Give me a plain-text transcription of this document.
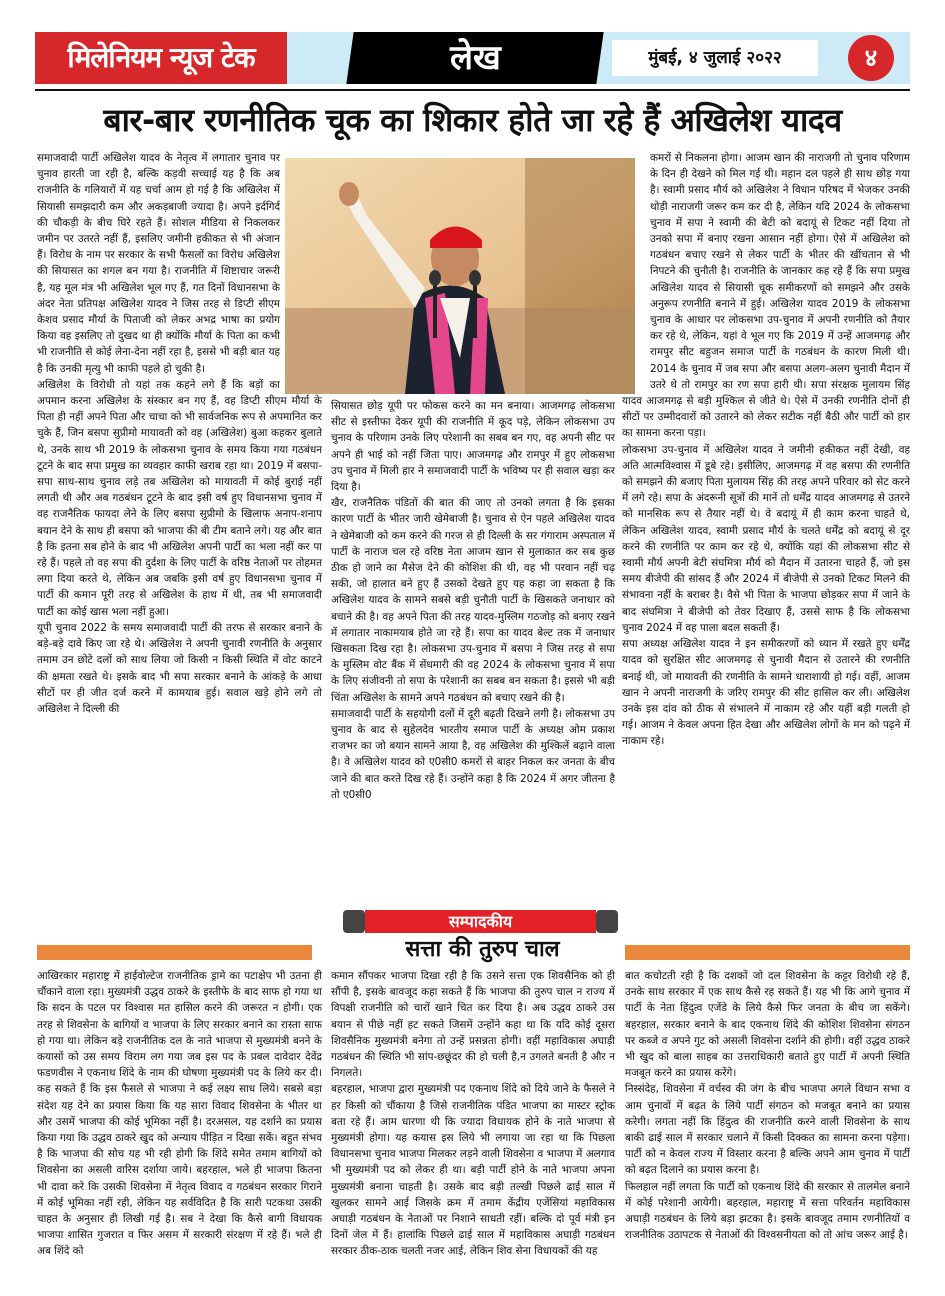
मिलेनियम न्यूज टेक	लेख	मुंबई, ४ जुलाई २०२२	४
बार-बार रणनीतिक चूक का शिकार होते जा रहे हैं अखिलेश यादव

समाजवादी पार्टी अखिलेश यादव के नेतृत्व में लगातार चुनाव पर चुनाव हारती जा रही है, बल्कि कड़वी सच्चाई यह है कि अब राजनीति के गलियारों में यह चर्चा आम हो गई है कि अखिलेश में सियासी समझदारी कम और अकड़बाजी ज्यादा है। अपने इर्दगिर्द की चौकड़ी के बीच घिरे रहते हैं। सोशल मीडिया से निकलकर जमीन पर उतरते नहीं हैं, इसलिए जमीनी हकीकत से भी अंजान हैं। विरोध के नाम पर सरकार के सभी फैसलों का विरोध अखिलेश की सियासत का शगल बन गया है। राजनीति में शिष्टाचार जरूरी है, यह मूल मंत्र भी अखिलेश भूल गए हैं, गत दिनों विधानसभा के अंदर नेता प्रतिपक्ष अखिलेश यादव ने जिस तरह से डिप्टी सीएम केशव प्रसाद मौर्या के पिताजी को लेकर अभद्र भाषा का प्रयोग किया वह इसलिए तो दुखद था ही क्योंकि मौर्या के पिता का कभी भी राजनीति से कोई लेना-देना नहीं रहा है, इससे भी बड़ी बात यह है कि उनकी मृत्यु भी काफी पहले हो चुकी है।

अखिलेश के विरोधी तो यहां तक कहने लगे हैं कि बड़ों का अपमान करना अखिलेश के संस्कार बन गए हैं, वह डिप्टी सीएम मौर्या के पिता ही नहीं अपने पिता और चाचा को भी सार्वजनिक रूप से अपमानित कर चुके हैं, जिन बसपा सुप्रीमो मायावती को वह (अखिलेश) बुआ कहकर बुलाते थे, उनके साथ भी 2019 के लोकसभा चुनाव के समय किया गया गठबंधन टूटने के बाद सपा प्रमुख का व्यवहार काफी खराब रहा था। 2019 में बसपा-सपा साथ-साथ चुनाव लड़े तब अखिलेश को मायावती में कोई बुराई नहीं लगती थी और अब गठबंधन टूटने के बाद इसी वर्ष हुए विधानसभा चुनाव में वह राजनैतिक फायदा लेने के लिए बसपा सुप्रीमो के खिलाफ अनाप-शनाप बयान देने के साथ ही बसपा को भाजपा की बी टीम बताने लगे। यह और बात है कि इतना सब होने के बाद भी अखिलेश अपनी पार्टी का भला नहीं कर पा रहे हैं। पहले तो वह सपा की दुर्दशा के लिए पार्टी के वरिष्ठ नेताओं पर तोहमत लगा दिया करते थे, लेकिन अब जबकि इसी वर्ष हुए विधानसभा चुनाव में पार्टी की कमान पूरी तरह से अखिलेश के हाथ में थी, तब भी समाजवादी पार्टी का कोई खास भला नहीं हुआ।

यूपी चुनाव 2022 के समय समाजवादी पार्टी की तरफ से सरकार बनाने के बड़े-बड़े दावे किए जा रहे थे। अखिलेश ने अपनी चुनावी रणनीति के अनुसार तमाम उन छोटे दलों को साथ लिया जो किसी न किसी स्थिति में वोट काटने की क्षमता रखते थे। इसके बाद भी सपा सरकार बनाने के आंकड़े के आधा सीटों पर ही जीत दर्ज करने में कामयाब हुई। सवाल खड़े होने लगे तो अखिलेश ने दिल्ली की

सियासत छोड़ यूपी पर फोकस करने का मन बनाया। आजमगढ़ लोकसभा सीट से इस्तीफा देकर यूपी की राजनीति में कूद पड़े, लेकिन लोकसभा उप चुनाव के परिणाम उनके लिए परेशानी का सबब बन गए, वह अपनी सीट पर अपने ही भाई को नहीं जिता पाए। आजमगढ़ और रामपुर में हुए लोकसभा उप चुनाव में मिली हार ने समाजवादी पार्टी के भविष्य पर ही सवाल खड़ा कर दिया है।

खैर, राजनैतिक पंडितों की बात की जाए तो उनको लगता है कि इसका कारण पार्टी के भीतर जारी खेमेबाजी है। चुनाव से ऐन पहले अखिलेश यादव ने खेमेबाजी को कम करने की गरज से ही दिल्ली के सर गंगाराम अस्पताल में पार्टी के नाराज चल रहे वरिष्ठ नेता आजम खान से मुलाकात कर सब कुछ ठीक हो जाने का मैसेज देने की कोशिश की थी, वह भी परवान नहीं चढ़ सकी, जो हालात बने हुए हैं उसको देखते हुए यह कहा जा सकता है कि अखिलेश यादव के सामने सबसे बड़ी चुनौती पार्टी के खिसकते जनाधार को बचाने की है। वह अपने पिता की तरह यादव-मुस्लिम गठजोड़ को बनाए रखने में लगातार नाकामयाब होते जा रहे हैं। सपा का यादव बेल्ट तक में जनाधार खिसकता दिख रहा है। लोकसभा उप-चुनाव में बसपा ने जिस तरह से सपा के मुस्लिम वोट बैंक में सेंधमारी की वह 2024 के लोकसभा चुनाव में सपा के लिए संजीवनी तो सपा के परेशानी का सबब बन सकता है। इससे भी बड़ी चिंता अखिलेश के सामने अपने गठबंधन को बचाए रखने की है।

समाजवादी पार्टी के सहयोगी दलों में दूरी बढ़ती दिखने लगी है। लोकसभा उप चुनाव के बाद से सुहेलदेव भारतीय समाज पार्टी के अध्यक्ष ओम प्रकाश राजभर का जो बयान सामने आया है, वह अखिलेश की मुश्किलें बढ़ाने वाला है। वे अखिलेश यादव को ए0सी0 कमरों से बाहर निकल कर जनता के बीच जाने की बात करते दिख रहे हैं। उन्होंने कहा है कि 2024 में अगर जीतना है तो ए0सी0

कमरों से निकलना होगा। आजम खान की नाराजगी तो चुनाव परिणाम के दिन ही देखने को मिल गई थी। महान दल पहले ही साथ छोड़ गया है। स्वामी प्रसाद मौर्य को अखिलेश ने विधान परिषद में भेजकर उनकी थोड़ी नाराजगी जरूर कम कर दी है, लेकिन यदि 2024 के लोकसभा चुनाव में सपा ने स्वामी की बेटी को बदायूं से टिकट नहीं दिया तो उनको सपा में बनाए रखना आसान नहीं होगा। ऐसे में अखिलेश को गठबंधन बचाए रखने से लेकर पार्टी के भीतर की खींचतान से भी निपटने की चुनौती है। राजनीति के जानकार कह रहे हैं कि सपा प्रमुख अखिलेश यादव से सियासी चूक समीकरणों को समझने और उसके अनुरूप रणनीति बनाने में हुई। अखिलेश यादव 2019 के लोकसभा चुनाव के आधार पर लोकसभा उप-चुनाव में अपनी रणनीति को तैयार कर रहे थे, लेकिन, यहां वे भूल गए कि 2019 में उन्हें आजमगढ़ और रामपुर सीट बहुजन समाज पार्टी के गठबंधन के कारण मिली थी। 2014 के चुनाव में जब सपा और बसपा अलग-अलग चुनावी मैदान में उतरे थे तो रामपुर का रण सपा हारी थी। सपा संरक्षक मुलायम सिंह यादव आजमगढ़ से बड़ी मुश्किल से जीते थे। ऐसे में उनकी रणनीति दोनों ही सीटों पर उम्मीदवारों को उतारने को लेकर सटीक नहीं बैठी और पार्टी को हार का सामना करना पड़ा।

लोकसभा उप-चुनाव में अखिलेश यादव ने जमीनी हकीकत नहीं देखी, वह अति आत्मविश्वास में डूबे रहे। इसीलिए, आजमगढ़ में वह बसपा की रणनीति को समझने की बजाए पिता मुलायम सिंह की तरह अपने परिवार को सेट करने में लगे रहे। सपा के अंदरूनी सूत्रों की मानें तो धर्मेंद्र यादव आजमगढ़ से उतरने को मानसिक रूप से तैयार नहीं थे। वे बदायूं में ही काम करना चाहते थे, लेकिन अखिलेश यादव, स्वामी प्रसाद मौर्य के चलते धर्मेंद्र को बदायूं से दूर करने की रणनीति पर काम कर रहे थे, क्योंकि यहां की लोकसभा सीट से स्वामी मौर्य अपनी बेटी संघमित्रा मौर्य को मैदान में उतारना चाहते हैं, जो इस समय बीजेपी की सांसद हैं और 2024 में बीजेपी से उनको टिकट मिलने की संभावना नहीं के बराबर है। वैसे भी पिता के भाजपा छोड़कर सपा में जाने के बाद संघमित्रा ने बीजेपी को तेवर दिखाए हैं, उससे साफ है कि लोकसभा चुनाव 2024 में वह पाला बदल सकती हैं।

सपा अध्यक्ष अखिलेश यादव ने इन समीकरणों को ध्यान में रखते हुए धर्मेंद्र यादव को सुरक्षित सीट आजमगढ़ से चुनावी मैदान से उतारने की रणनीति बनाई थी, जो मायावती की रणनीति के सामने धाराशायी हो गई। वहीं, आजम खान ने अपनी नाराजगी के जरिए रामपुर की सीट हासिल कर ली। अखिलेश उनके इस दांव को ठीक से संभालने में नाकाम रहे और यहीं बड़ी गलती हो गई। आजम ने केवल अपना हित देखा और अखिलेश लोगों के मन को पढ़ने में नाकाम रहे।

सम्पादकीय
सत्ता की तुरुप चाल

आखिरकार महाराष्ट्र में हाईवोल्टेज राजनीतिक ड्रामे का पटाक्षेप भी उतना ही चौंकाने वाला रहा। मुख्यमंत्री उद्धव ठाकरे के इस्तीफे के बाद साफ हो गया था कि सदन के पटल पर विश्वास मत हासिल करने की जरूरत न होगी। एक तरह से शिवसेना के बागियों व भाजपा के लिए सरकार बनाने का रास्ता साफ हो गया था। लेकिन बड़े राजनीतिक दल के नाते भाजपा से मुख्यमंत्री बनने के कयासों को उस समय विराम लग गया जब इस पद के प्रबल दावेदार देवेंद्र फडणवीस ने एकनाथ शिंदे के नाम की घोषणा मुख्यमंत्री पद के लिये कर दी। कह सकते हैं कि इस फैसले से भाजपा ने कई लक्ष्य साध लिये। सबसे बड़ा संदेश यह देने का प्रयास किया कि यह सारा विवाद शिवसेना के भीतर था और उसमें भाजपा की कोई भूमिका नहीं है। दरअसल, यह दर्शाने का प्रयास किया गया कि उद्धव ठाकरे खुद को अन्याय पीड़ित न दिखा सकें। बहुत संभव है कि भाजपा की सोच यह भी रही होगी कि शिंदे समेत तमाम बागियों को शिवसेना का असली वारिस दर्शाया जाये। बहरहाल, भले ही भाजपा कितना भी दावा करे कि उसकी शिवसेना में नेतृत्व विवाद व गठबंधन सरकार गिराने में कोई भूमिका नहीं रही, लेकिन यह सर्वविदित है कि सारी पटकथा उसकी चाहत के अनुसार ही लिखी गई है। सब ने देखा कि कैसे बागी विधायक भाजपा शासित गुजरात व फिर असम में सरकारी संरक्षण में रहे हैं। भले ही अब शिंदे को

कमान सौंपकर भाजपा दिखा रही है कि उसने सत्ता एक शिवसैनिक को ही सौंपी है, इसके बावजूद कहा सकते हैं कि भाजपा की तुरुप चाल न राज्य में विपक्षी राजनीति को चारों खाने चित कर दिया है। अब उद्धव ठाकरे उस बयान से पीछे नहीं हट सकते जिसमें उन्होंने कहा था कि यदि कोई दूसरा शिवसैनिक मुख्यमंत्री बनेगा तो उन्हें प्रसन्नता होगी। वहीं महाविकास अघाड़ी गठबंधन की स्थिति भी सांप-छछूंदर की हो चली है,न उगलते बनती है और न निगलते।

बहरहाल, भाजपा द्वारा मुख्यमंत्री पद एकनाथ शिंदे को दिये जाने के फैसले ने हर किसी को चौंकाया है जिसे राजनीतिक पंडित भाजपा का मास्टर स्ट्रोक बता रहे हैं। आम धारणा थी कि ज्यादा विधायक होने के नाते भाजपा से मुख्यमंत्री होगा। यह कयास इस लिये भी लगाया जा रहा था कि पिछला विधानसभा चुनाव भाजपा मिलकर लड़ने वाली शिवसेना व भाजपा में अलगाव भी मुख्यमंत्री पद को लेकर ही था। बड़ी पार्टी होने के नाते भाजपा अपना मुख्यमंत्री बनाना चाहती है। उसके बाद बड़ी तल्खी पिछले ढाई साल में खुलकर सामने आई जिसके क्रम में तमाम केंद्रीय एजेंसियां महाविकास अघाड़ी गठबंधन के नेताओं पर निशाने साधती रहीं। बल्कि दो पूर्व मंत्री इन दिनों जेल में हैं। हालांकि पिछले ढाई साल में महाविकास अघाड़ी गठबंधन सरकार ठीक-ठाक चलती नजर आई, लेकिन शिव सेना विधायकों की यह

बात कचोटती रही है कि दशकों जो दल शिवसेना के कट्टर विरोधी रहे हैं, उनके साथ सरकार में एक साथ कैसे रह सकते हैं। यह भी कि आगे चुनाव में पार्टी के नेता हिंदुत्व एजेंडे के लिये कैसे फिर जनता के बीच जा सकेंगे। बहरहाल, सरकार बनाने के बाद एकनाथ शिंदे की कोशिश शिवसेना संगठन पर कब्जे व अपने गुट को असली शिवसेना दर्शाने की होगी। वहीं उद्धव ठाकरे भी खुद को बाला साहब का उत्तराधिकारी बताते हुए पार्टी में अपनी स्थिति मजबूत करने का प्रयास करेंगे।

निस्संदेह, शिवसेना में वर्चस्व की जंग के बीच भाजपा अगले विधान सभा व आम चुनावों में बढ़त के लिये पार्टी संगठन को मजबूत बनाने का प्रयास करेगी। लगता नहीं कि हिंदुत्व की राजनीति करने वाली शिवसेना के साथ बाकी ढाई साल में सरकार चलाने में किसी दिक्कत का सामना करना पड़ेगा। पार्टी को न केवल राज्य में विस्तार करना है बल्कि अपने आम चुनाव में पार्टी को बढ़त दिलाने का प्रयास करना है।

फिलहाल नहीं लगता कि पार्टी को एकनाथ शिंदे की सरकार से तालमेल बनाने में कोई परेशानी आयेगी। बहरहाल, महाराष्ट्र में सत्ता परिवर्तन महाविकास अघाड़ी गठबंधन के लिये बड़ा झटका है। इसके बावजूद तमाम रणनीतियों व राजनीतिक उठापटक से नेताओं की विश्वसनीयता को तो आंच जरूर आई है।
